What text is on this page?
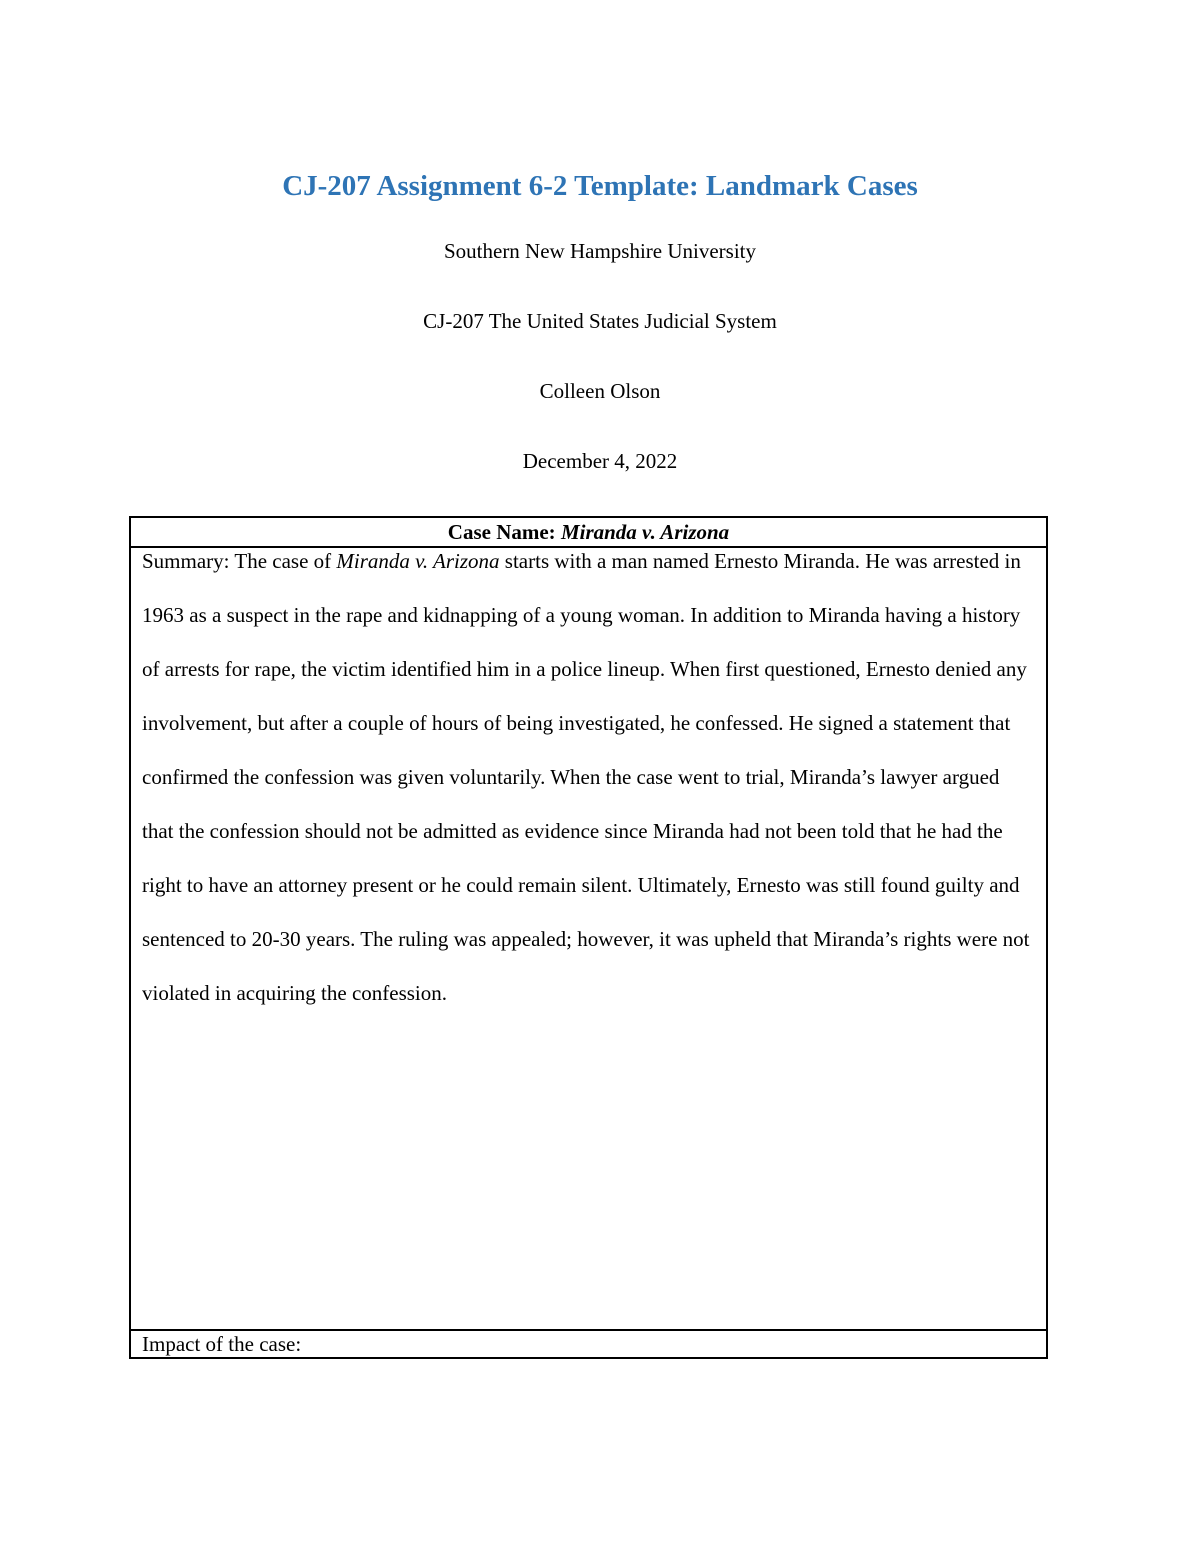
CJ-207 Assignment 6-2 Template: Landmark Cases

Southern New Hampshire University

CJ-207 The United States Judicial System

Colleen Olson

December 4, 2022

Case Name: Miranda v. Arizona

Summary: The case of Miranda v. Arizona starts with a man named Ernesto Miranda. He was arrested in 1963 as a suspect in the rape and kidnapping of a young woman. In addition to Miranda having a history of arrests for rape, the victim identified him in a police lineup. When first questioned, Ernesto denied any involvement, but after a couple of hours of being investigated, he confessed. He signed a statement that confirmed the confession was given voluntarily. When the case went to trial, Miranda’s lawyer argued that the confession should not be admitted as evidence since Miranda had not been told that he had the right to have an attorney present or he could remain silent. Ultimately, Ernesto was still found guilty and sentenced to 20-30 years. The ruling was appealed; however, it was upheld that Miranda’s rights were not violated in acquiring the confession.

Impact of the case:
